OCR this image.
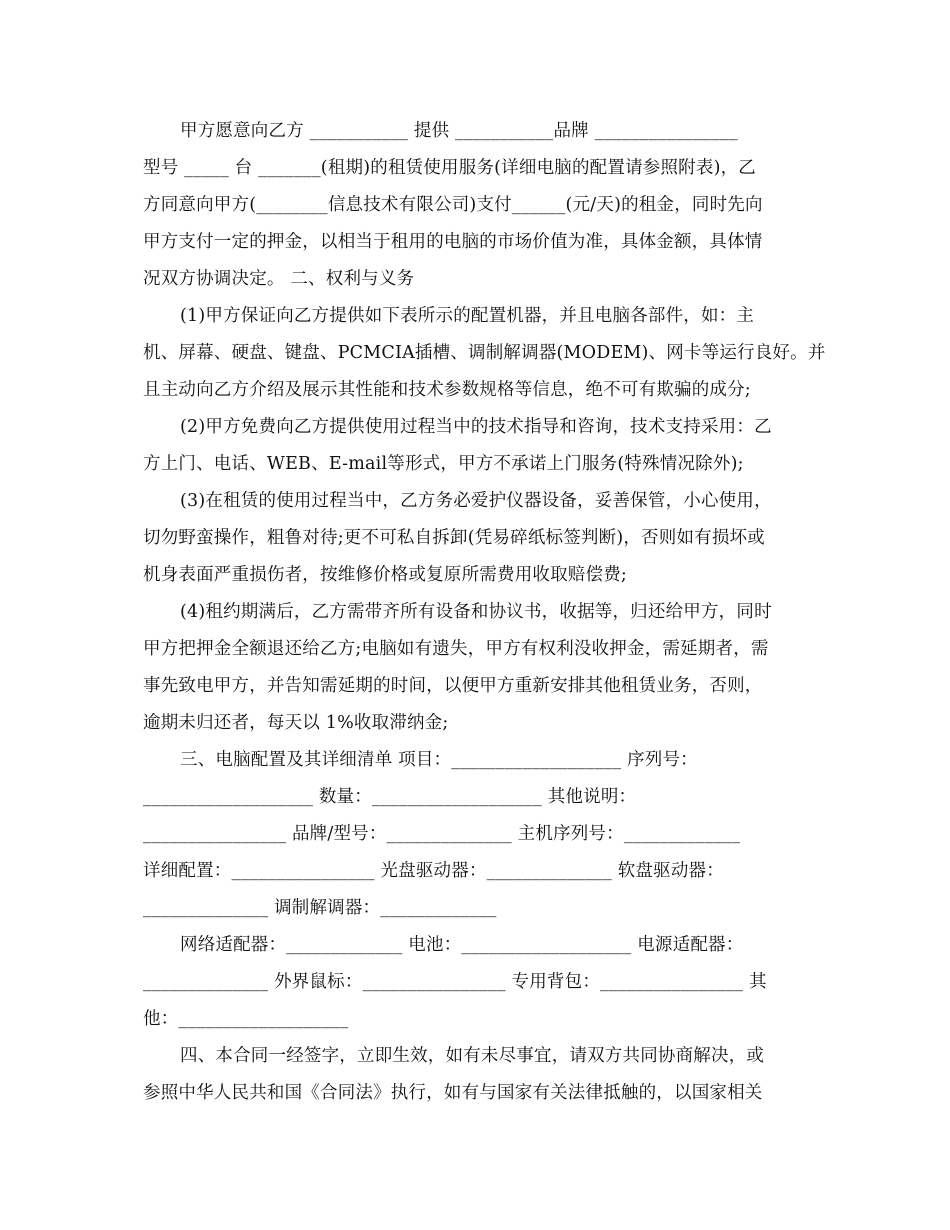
甲方愿意向乙方 ___________ 提供 ___________品牌 ________________
型号 _____ 台 _______(租期)的租赁使用服务(详细电脑的配置请参照附表)，乙
方同意向甲方(________信息技术有限公司)支付______(元/天)的租金，同时先向
甲方支付一定的押金，以相当于租用的电脑的市场价值为准，具体金额，具体情
况双方协调决定。 二、权利与义务
(1)甲方保证向乙方提供如下表所示的配置机器，并且电脑各部件，如：主
机、屏幕、硬盘、键盘、PCMCIA插槽、调制解调器(MODEM)、网卡等运行良好。并
且主动向乙方介绍及展示其性能和技术参数规格等信息，绝不可有欺骗的成分;
(2)甲方免费向乙方提供使用过程当中的技术指导和咨询，技术支持采用：乙
方上门、电话、WEB、E-mail等形式，甲方不承诺上门服务(特殊情况除外);
(3)在租赁的使用过程当中，乙方务必爱护仪器设备，妥善保管，小心使用，
切勿野蛮操作，粗鲁对待;更不可私自拆卸(凭易碎纸标签判断)，否则如有损坏或
机身表面严重损伤者，按维修价格或复原所需费用收取赔偿费;
(4)租约期满后，乙方需带齐所有设备和协议书，收据等，归还给甲方，同时
甲方把押金全额退还给乙方;电脑如有遗失，甲方有权利没收押金，需延期者，需
事先致电甲方，并告知需延期的时间，以便甲方重新安排其他租赁业务，否则，
逾期未归还者，每天以 1%收取滞纳金;
三、电脑配置及其详细清单 项目：___________________ 序列号：
___________________ 数量：___________________ 其他说明：
________________ 品牌/型号：______________ 主机序列号：_____________
详细配置：________________ 光盘驱动器：______________ 软盘驱动器：
______________ 调制解调器：_____________
网络适配器：_____________ 电池：___________________ 电源适配器：
______________ 外界鼠标：________________ 专用背包：________________ 其
他：___________________
四、本合同一经签字，立即生效，如有未尽事宜，请双方共同协商解决，或
参照中华人民共和国《合同法》执行，如有与国家有关法律抵触的，以国家相关
